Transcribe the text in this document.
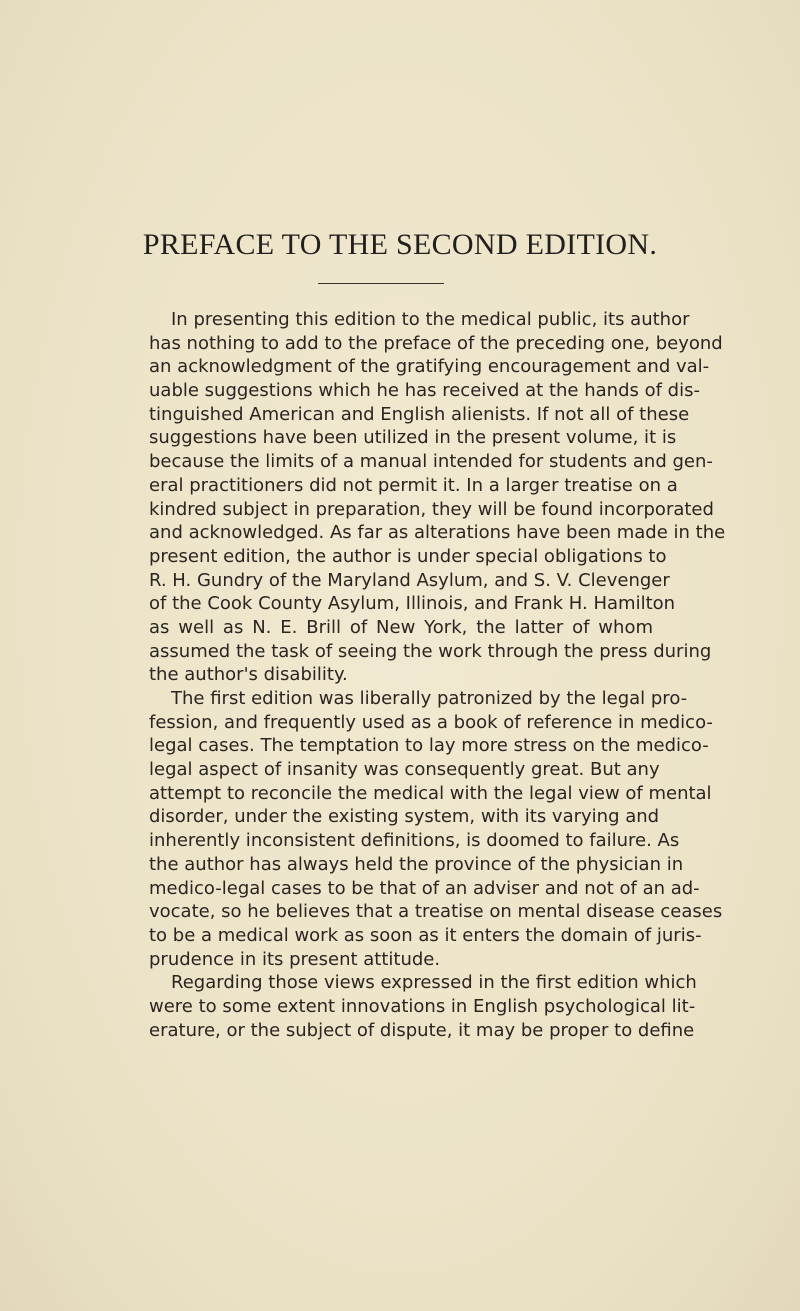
PREFACE TO THE SECOND EDITION.
In presenting this edition to the medical public, its author
has nothing to add to the preface of the preceding one, beyond
an acknowledgment of the gratifying encouragement and val-
uable suggestions which he has received at the hands of dis-
tinguished American and English alienists. If not all of these
suggestions have been utilized in the present volume, it is
because the limits of a manual intended for students and gen-
eral practitioners did not permit it. In a larger treatise on a
kindred subject in preparation, they will be found incorporated
and acknowledged. As far as alterations have been made in the
present edition, the author is under special obligations to
R. H. Gundry of the Maryland Asylum, and S. V. Clevenger
of the Cook County Asylum, Illinois, and Frank H. Hamilton
as well as N. E. Brill of New York, the latter of whom
assumed the task of seeing the work through the press during
the author's disability.
The first edition was liberally patronized by the legal pro-
fession, and frequently used as a book of reference in medico-
legal cases. The temptation to lay more stress on the medico-
legal aspect of insanity was consequently great. But any
attempt to reconcile the medical with the legal view of mental
disorder, under the existing system, with its varying and
inherently inconsistent definitions, is doomed to failure. As
the author has always held the province of the physician in
medico-legal cases to be that of an adviser and not of an ad-
vocate, so he believes that a treatise on mental disease ceases
to be a medical work as soon as it enters the domain of juris-
prudence in its present attitude.
Regarding those views expressed in the first edition which
were to some extent innovations in English psychological lit-
erature, or the subject of dispute, it may be proper to define
